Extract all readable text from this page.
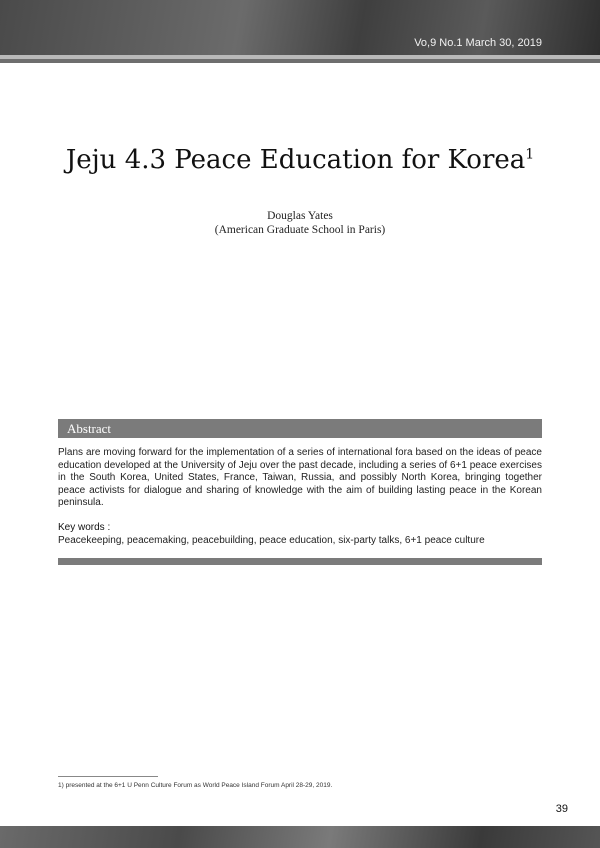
Vo,9 No.1 March 30, 2019
Jeju 4.3 Peace Education for Korea$^1$
Douglas Yates
(American Graduate School in Paris)
Abstract
Plans are moving forward for the implementation of a series of international fora based on the ideas of peace education developed at the University of Jeju over the past decade, including a series of 6+1 peace exercises in the South Korea, United States, France, Taiwan, Russia, and possibly North Korea, bringing together peace activists for dialogue and sharing of knowledge with the aim of building lasting peace in the Korean peninsula.
Key words :
Peacekeeping, peacemaking, peacebuilding, peace education, six-party talks, 6+1 peace culture
1) presented at the 6+1 U Penn Culture Forum as World Peace Island Forum April 28-29, 2019.
39
